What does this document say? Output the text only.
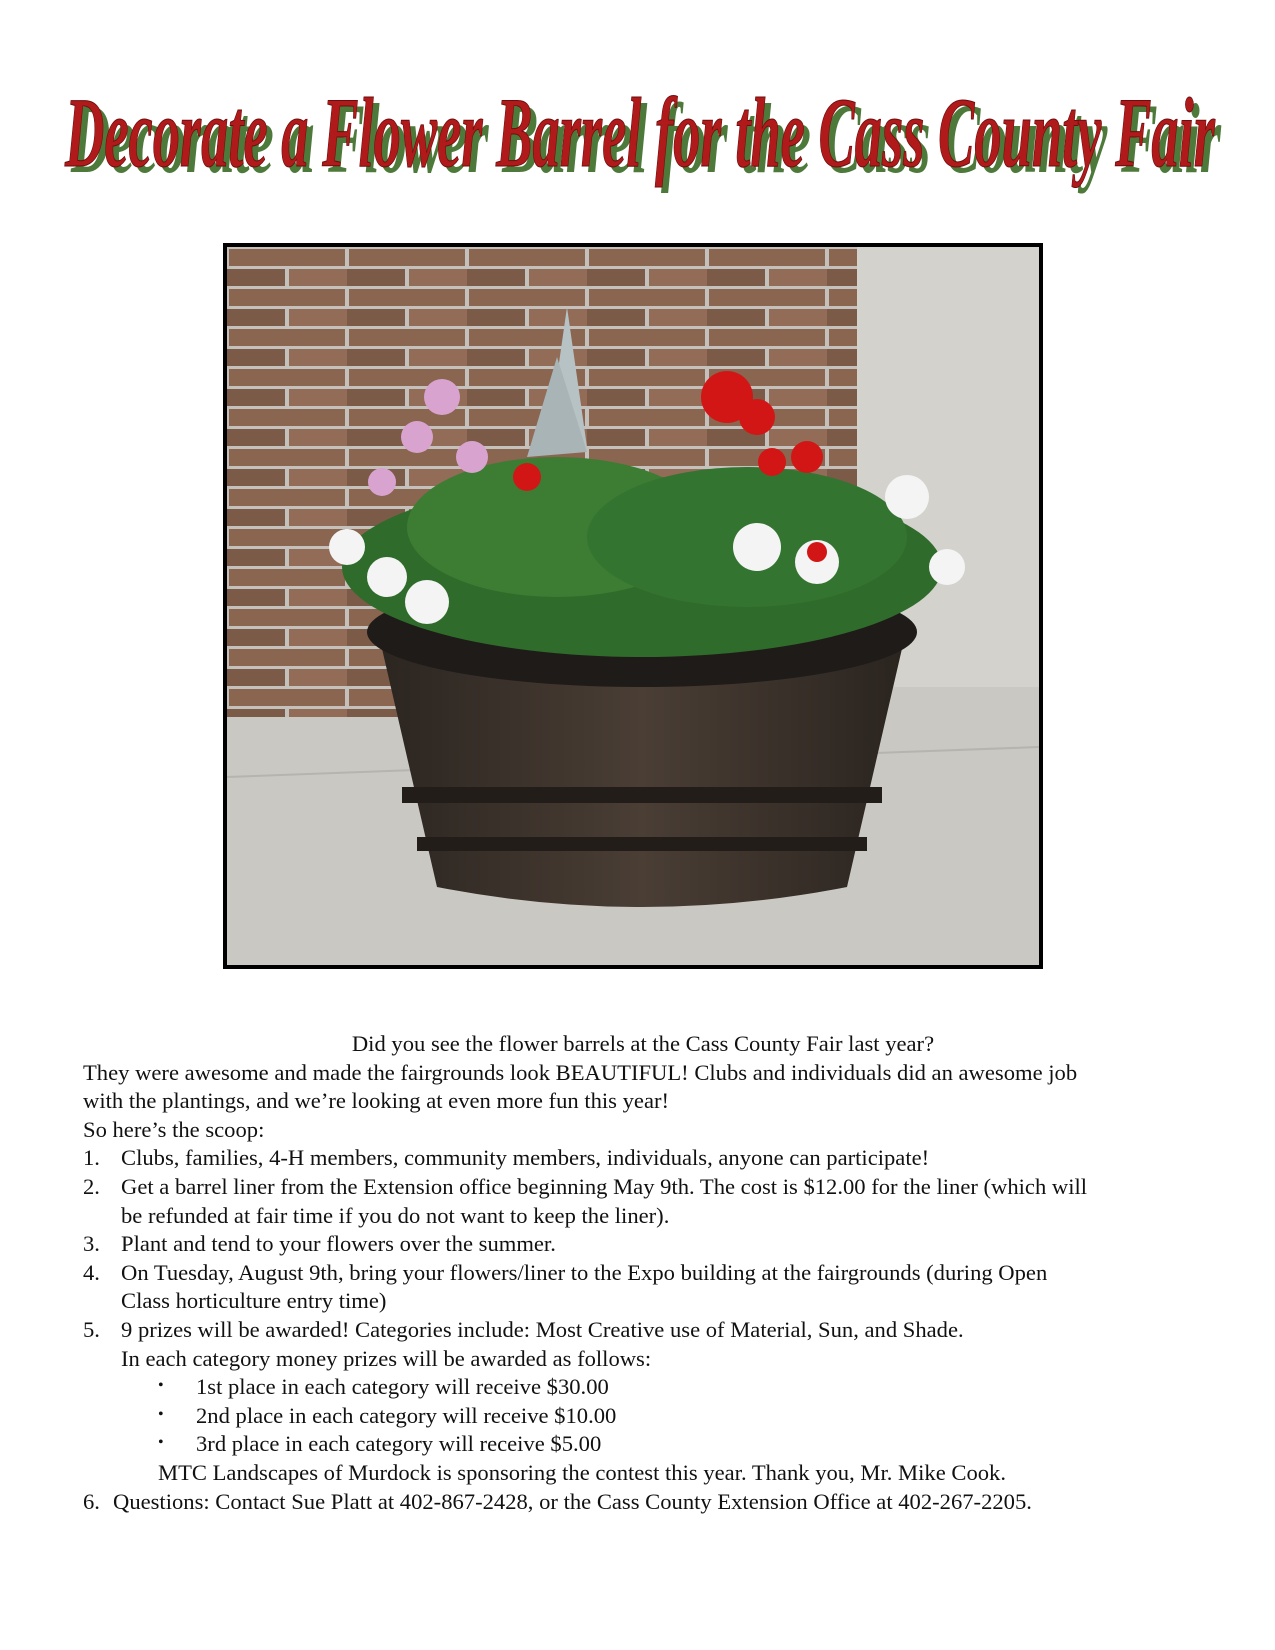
Decorate a Flower Barrel for the Cass County Fair
Decorate a Flower Barrel for the Cass County Fair
Did you see the flower barrels at the Cass County Fair last year?
They were awesome and made the fairgrounds look BEAUTIFUL! Clubs and individuals did an awesome job
with the plantings, and we’re looking at even more fun this year!
So here’s the scoop:
1. Clubs, families, 4-H members, community members, individuals, anyone can participate!
2. Get a barrel liner from the Extension office beginning May 9th. The cost is $12.00 for the liner (which will
be refunded at fair time if you do not want to keep the liner).
3. Plant and tend to your flowers over the summer.
4. On Tuesday, August 9th, bring your flowers/liner to the Expo building at the fairgrounds (during Open
Class horticulture entry time)
5. 9 prizes will be awarded! Categories include: Most Creative use of Material, Sun, and Shade.
In each category money prizes will be awarded as follows:
• 1st place in each category will receive $30.00
• 2nd place in each category will receive $10.00
• 3rd place in each category will receive $5.00
MTC Landscapes of Murdock is sponsoring the contest this year. Thank you, Mr. Mike Cook.
6. Questions: Contact Sue Platt at 402-867-2428, or the Cass County Extension Office at 402-267-2205.
